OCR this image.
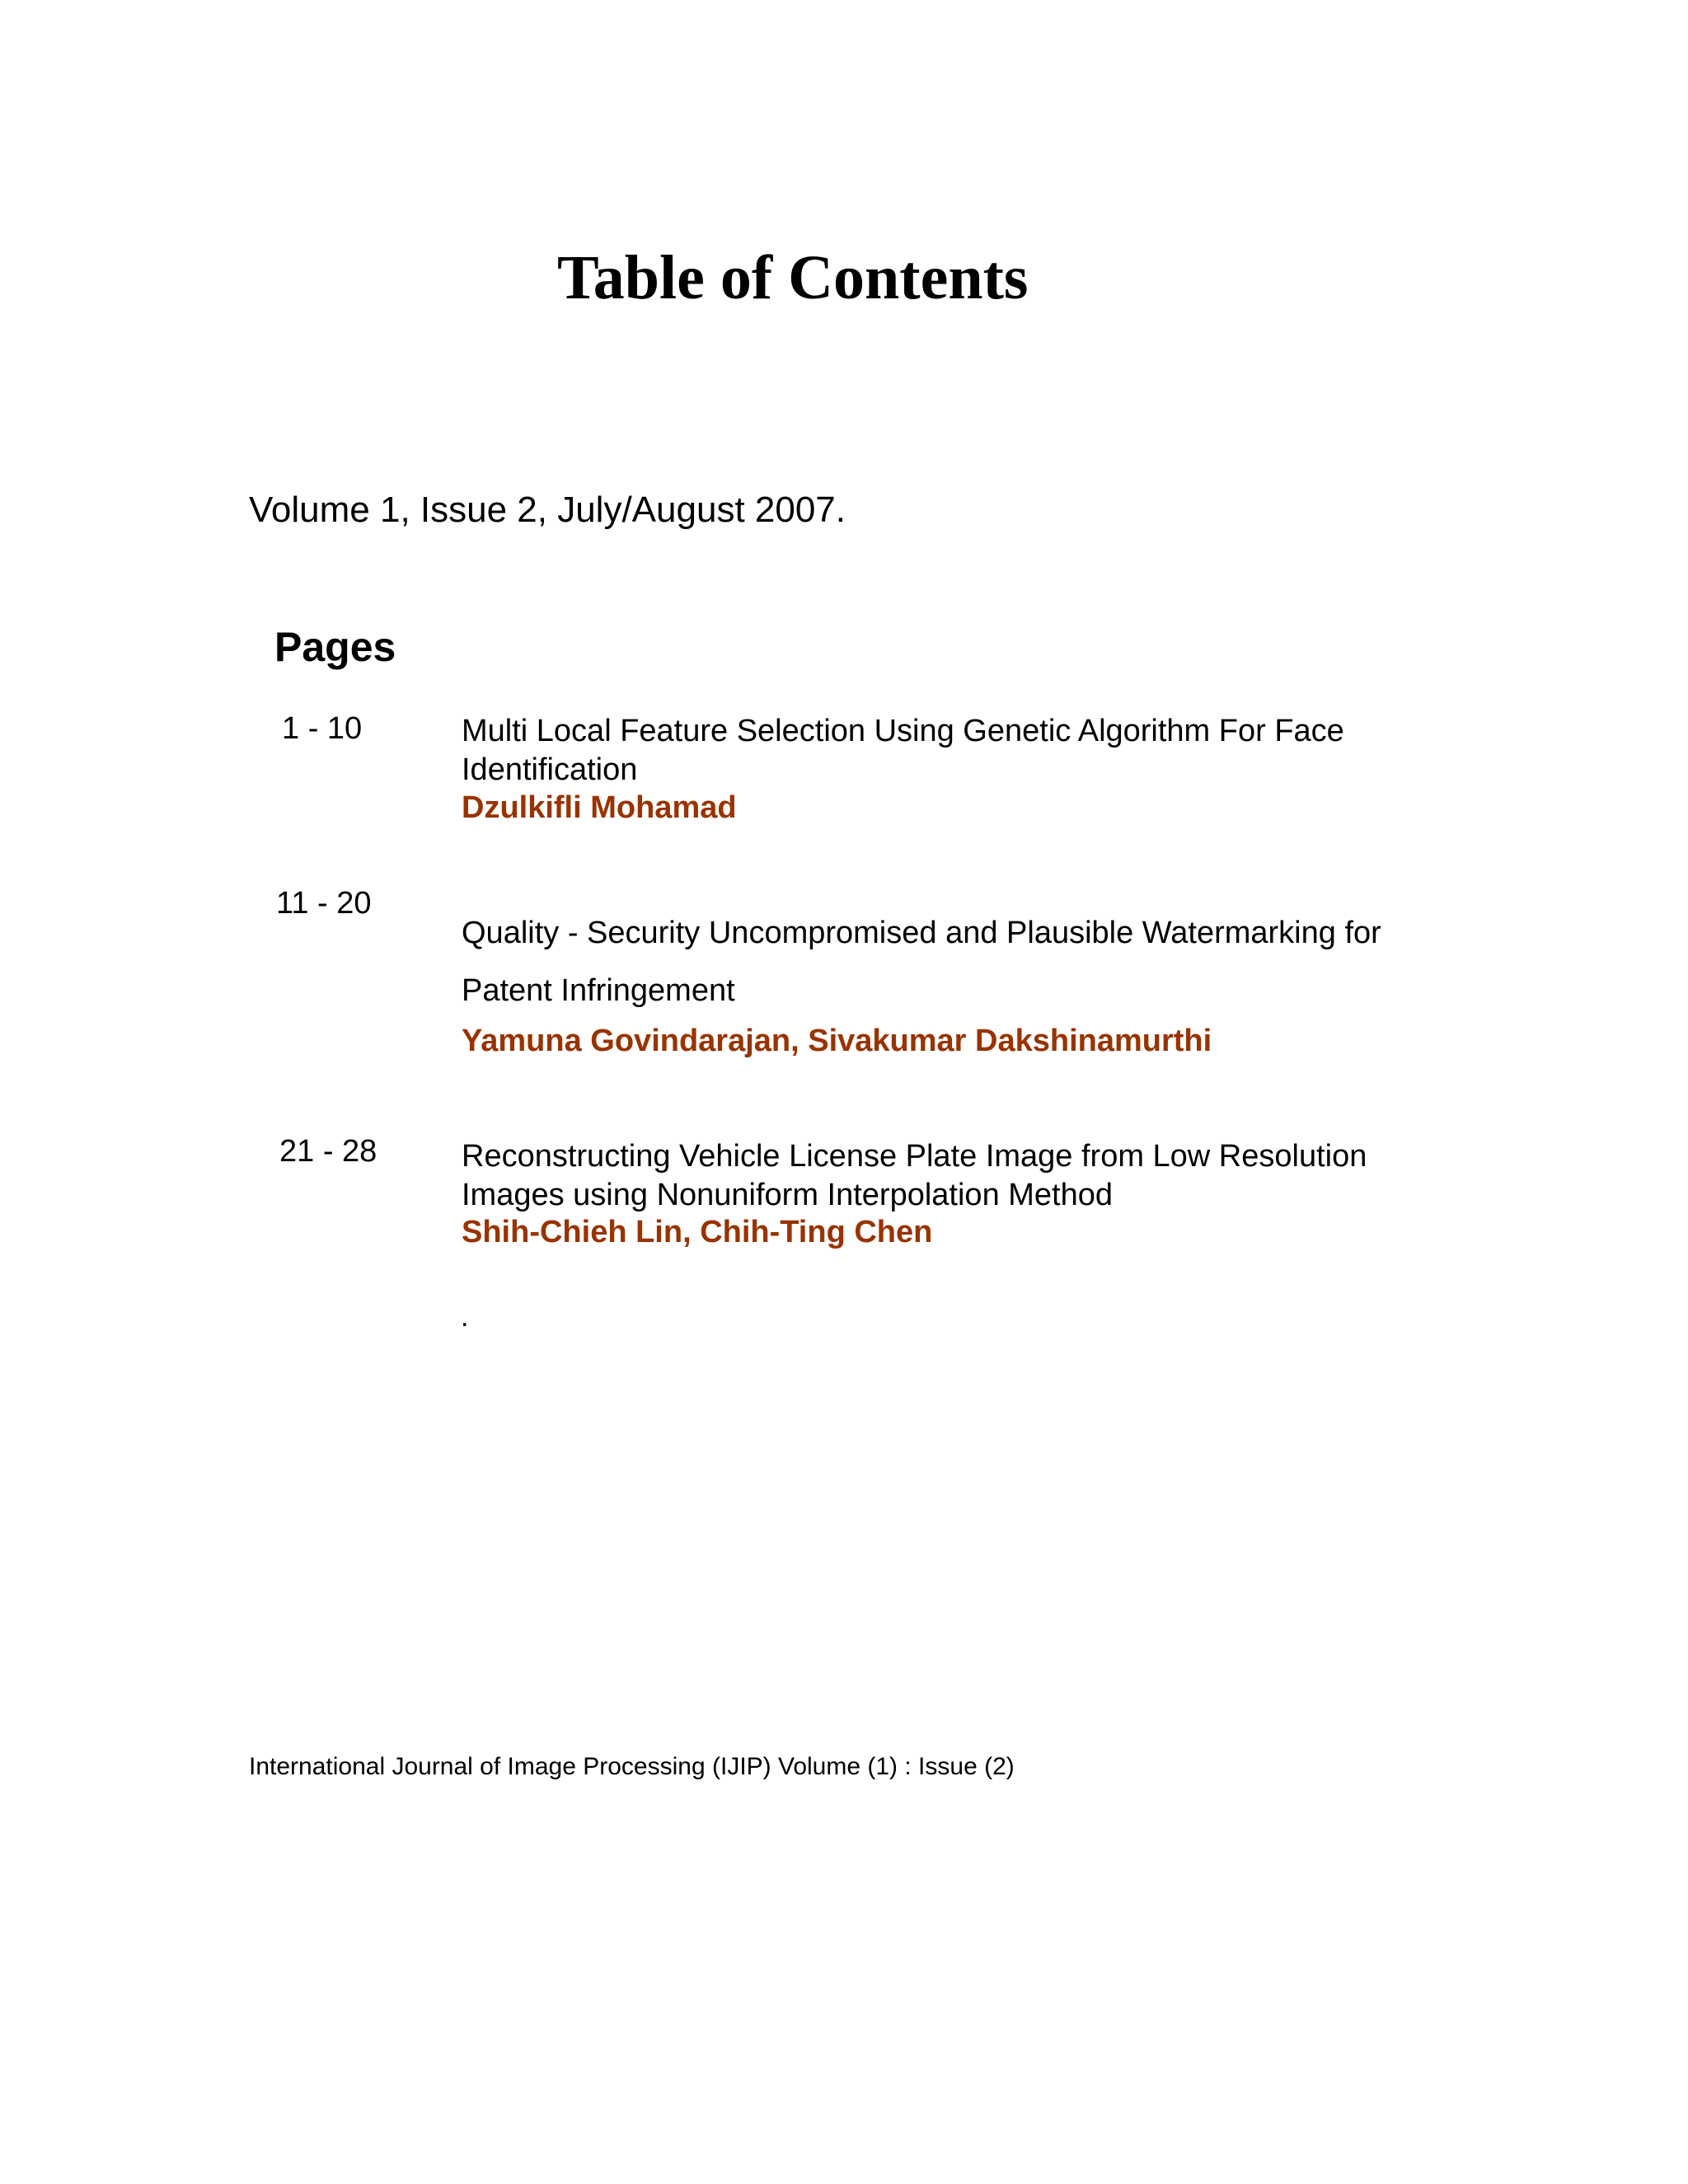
Table of Contents

Volume 1, Issue 2, July/August 2007.

Pages

1 - 10	Multi Local Feature Selection Using Genetic Algorithm For Face
Identification

Dzulkifli Mohamad

11 - 20

Quality - Security Uncompromised and Plausible Watermarking for
Patent Infringement

Yamuna Govindarajan, Sivakumar Dakshinamurthi

21 - 28	Reconstructing Vehicle License Plate Image from Low Resolution
Images using Nonuniform Interpolation Method

Shih-Chieh Lin, Chih-Ting Chen

.

International Journal of Image Processing (IJIP) Volume (1) : Issue (2)
